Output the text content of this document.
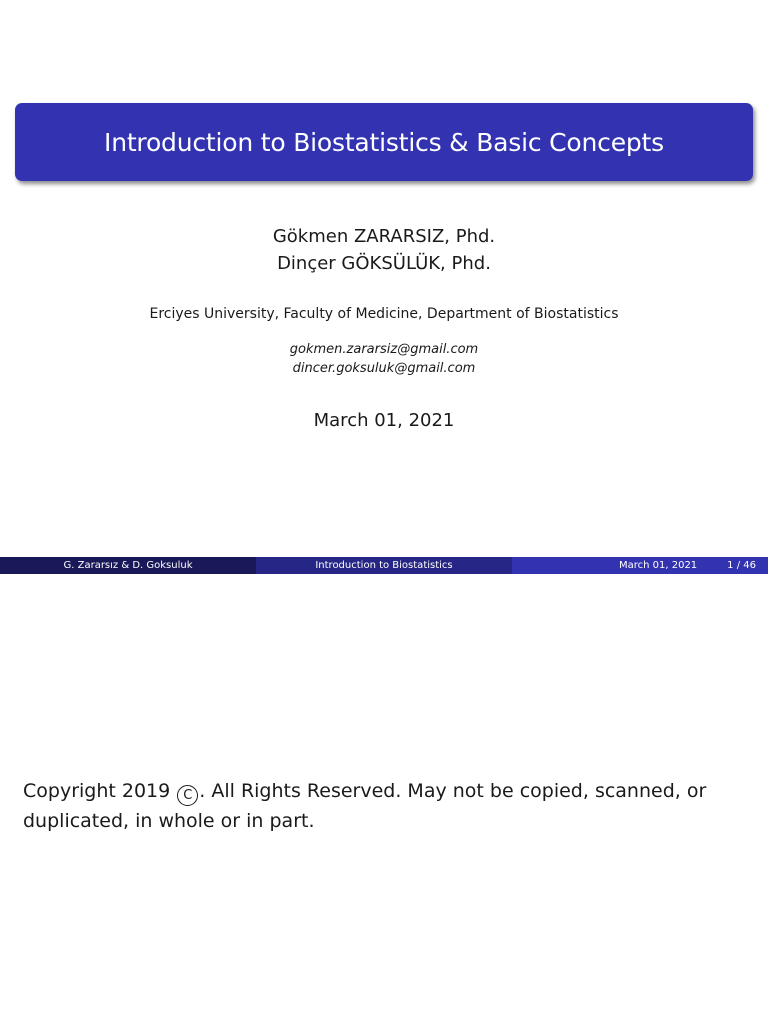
Introduction to Biostatistics & Basic Concepts
Gökmen ZARARSIZ, Phd.
Dinçer GÖKSÜLÜK, Phd.
Erciyes University, Faculty of Medicine, Department of Biostatistics
gokmen.zararsiz@gmail.com
dincer.goksuluk@gmail.com
March 01, 2021
G. Zararsız & D. Goksuluk	Introduction to Biostatistics	March 01, 2021	1 / 46
Copyright 2019 C . All Rights Reserved. May not be copied, scanned, or duplicated, in whole or in part.
